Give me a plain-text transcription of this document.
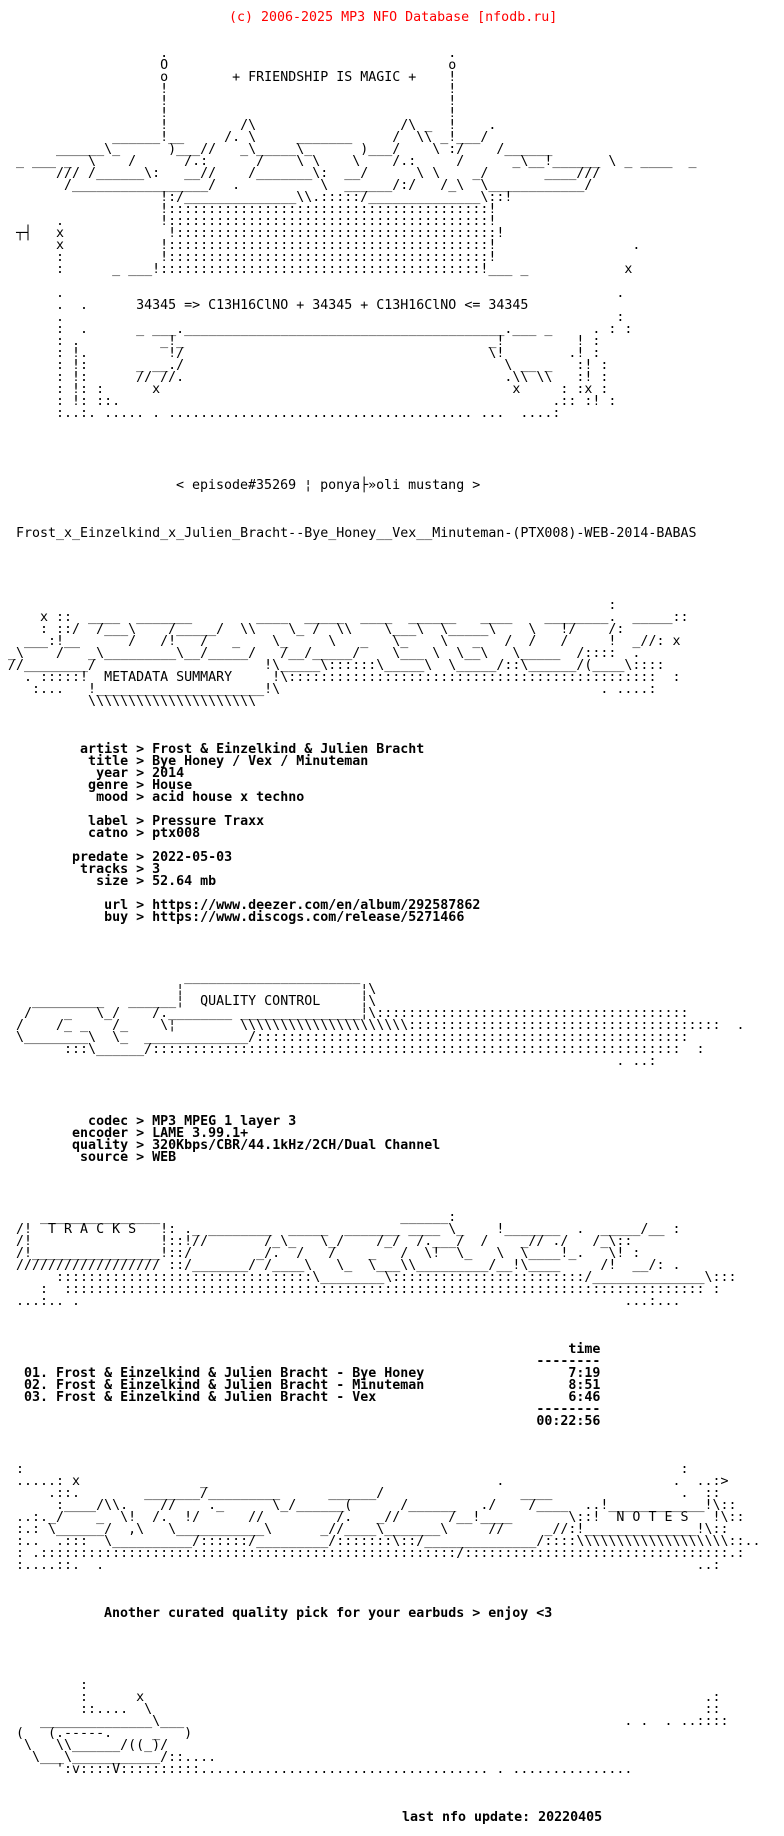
(c) 2006-2025 MP3 NFO Database [nfodb.ru]

.                                   .
O                                   o
o        + FRIENDSHIP IS MAGIC +    !
!                                   !
!                                   !
!                                   !
!         /\                  /\ _  !    .
______!__     /. \     _______     /  \\ _!___/
______\_      )___//   _\_____\_      )___/    \ :/    /______
_ ___ _  \    /      /.:      /    \ \    \    /.:     /      _\__!______ \ _ ____  _
/// /______\:   __//    /_______\:  __/      \ \    _/       ____///
/_________________/  .          \  ______/:/   /_\  \____________/
!:/______________\\.:::::/______________\::!
!::::::::::::::::::::::::::::::::::::::::!
.            !::::::::::::::::::::::::::::::::::::::::!
┬┤   x             !::::::::::::::::::::::::::::::::::::::::!
x            !::::::::::::::::::::::::::::::::::::::::!                 .
:            !::::::::::::::::::::::::::::::::::::::::!
:      _ ___!::::::::::::::::::::::::::::::::::::::::!___ _            x
.                                                                     .
.  .      34345 => C13H16ClNO + 34345 + C13H16ClNO <= 34345
.                                                                     :
:  .      _ ___.________________________________________.___ _     . : :
: .          _!_                                      _!         ! :
: !.          !/                                      \!        .! :
: !:      _ __./                                        \ __ _   :! :
: !:      // //.                                        .\\ \\   :! :
: !: :      x                                            x     : :x :
: !: ::.                                                      .:: :! :
:..:. ..... . ...................................... ...  ....:

< episode#35269 ¦ ponya├»oli mustang >

Frost_x_Einzelkind_x_Julien_Bracht--Bye_Honey__Vex__Minuteman-(PTX008)-WEB-2014-BABAS

:
x ::  ____  _______        ____  _____  ____  ______   ____    ________.  _____::
: ::/  /___\    /_____/  \\    \_ /  \\    \___\  \_____\    \   !/    /:
___:!__      /   /!   /   _    \_     \   _   \_    \   _   /  /   /     !  _//: x
_\    /   _\_________\__/_____/   /__/_____/    \___ \  \__\   \_____  /::::  .
//________/                     !\_____\::::::\_____\  \_____/::\______/(____\::::
. :::::!  METADATA SUMMARY     !\::::::::::::::::::::::::::::::::::::::::::::::  :
:...   !_____________________!\                                        . ....:
\\\\\\\\\\\\\\\\\\\\\

artist > Frost & Einzelkind & Julien Bracht
title > Bye Honey / Vex / Minuteman
year > 2014
genre > House
mood > acid house x techno
label > Pressure Traxx
catno > ptx008
predate > 2022-05-03
tracks > 3
size > 52.64 mb
url > https://www.deezer.com/en/album/292587862
buy > https://www.discogs.com/release/5271466

______________________
¦                      ¦\
_________   ______¦  QUALITY CONTROL     ¦\
/    _   \_/    /.________ _______________¦\:::::::::::::::::::::::::::::::::::::::
/    /_ _   /_    \¦        \\\\\\\\\\\\\\\\\\\\\:::::::::::::::::::::::::::::::::::::::  .
\________\  \_  _____________/::::::::::::::::::::::::::::::::::::::::::::::::::::::
:::\______/::::::::::::::::::::::::::::::::::::::::::::::::::::::::::::::::::  :
. ..:

codec > MP3 MPEG 1 layer 3
encoder > LAME 3.99.1+
quality > 320Kbps/CBR/44.1kHz/2CH/Dual Channel
source > WEB

_______________                              ______:
/!  T R A C K S   !: ._ ________  _____  _______ ____ \_    !_______  .  _____/__ :
/!                !::!//       /_\_   \_/    /_/  /.___/  /    _// ./   /_\::
/!________________!::/        _/.  /   /    _   /  \!  \_   \  \____!_.   \! :
////////////////// ::/_______/ /____\   \_  \___\\_________/__!\____     /!  __/: .
::::::::::::::::::::::::::::::::\________\::::::::::::::::::::::::/______________\:::
:  :::::::::::::::::::::::::::::::::::::::::::::::::::::::::::::::::::::::::::::::: :
...:.. .                                                                    ...:...

time
--------
01. Frost & Einzelkind & Julien Bracht - Bye Honey                  7:19
02. Frost & Einzelkind & Julien Bracht - Minuteman                  8:51
03. Frost & Einzelkind & Julien Bracht - Vex                        6:46
--------
00:22:56

:                                                                                  :
.....: x               _                                    .                     .  ..:>
.::.        _______/_________      ______/                 ____                .  ::
:____/\\.    //    ._      \_/______(      /______   ./    /____  ..!____________!\::
..:._/    _  \!  /.  !/      //         /.   _//      /__!____       \::!  N O T E S   !\::
:.: \______/  ,\   \___________\      _//____\_______\     //     _//:!______________!\::
:..  .:::  \__________/::::::/_________/:::::::\::/______________/::::\\\\\\\\\\\\\\\\\\\::..
: .::::::::::::::::::::::::::::::::::::::::::::::::::::/:::::::::::::::::::::::::::::::::.:
:....::.  .                                                                          ..:

Another curated quality pick for your earbuds > enjoy <3

:
:      x                                                                      .:
::....  \                                                                     ::
______________\___                                                       . .  . ..::::
(   (.-----.     _   )
\   \\______/((_)/
\___\___________/::....
':v::::V::::::::::.................................... . ...............

last nfo update: 20220405
